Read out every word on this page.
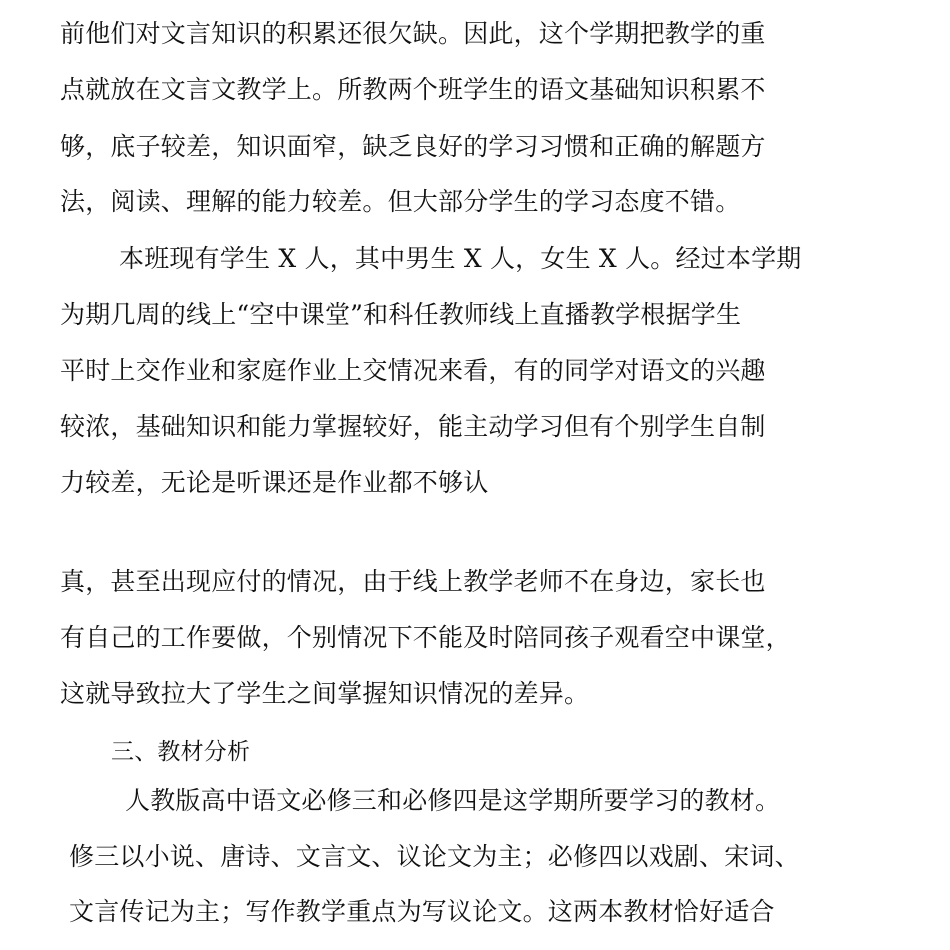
前他们对文言知识的积累还很欠缺。因此，这个学期把教学的重
点就放在文言文教学上。所教两个班学生的语文基础知识积累不
够，底子较差，知识面窄，缺乏良好的学习习惯和正确的解题方
法，阅读、理解的能力较差。但大部分学生的学习态度不错。
本班现有学生 X 人，其中男生 X 人，女生 X 人。经过本学期
为期几周的线上“空中课堂”和科任教师线上直播教学根据学生
平时上交作业和家庭作业上交情况来看，有的同学对语文的兴趣
较浓，基础知识和能力掌握较好，能主动学习但有个别学生自制
力较差，无论是听课还是作业都不够认
真，甚至出现应付的情况，由于线上教学老师不在身边，家长也
有自己的工作要做，个别情况下不能及时陪同孩子观看空中课堂，
这就导致拉大了学生之间掌握知识情况的差异。
三、教材分析
人教版高中语文必修三和必修四是这学期所要学习的教材。
修三以小说、唐诗、文言文、议论文为主；必修四以戏剧、宋词、
文言传记为主；写作教学重点为写议论文。这两本教材恰好适合
